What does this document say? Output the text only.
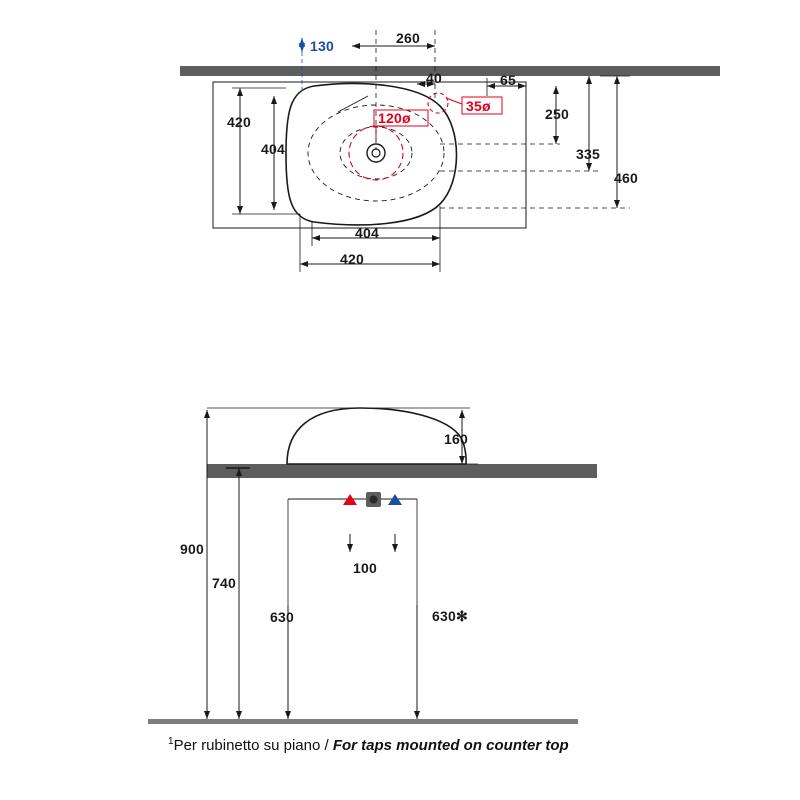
130	260
40	65
35ø
120ø	250
420
404	335
460
404
420
160
900
740
100
630	630✻
$^1$Per rubinetto su piano / For taps mounted on counter top
